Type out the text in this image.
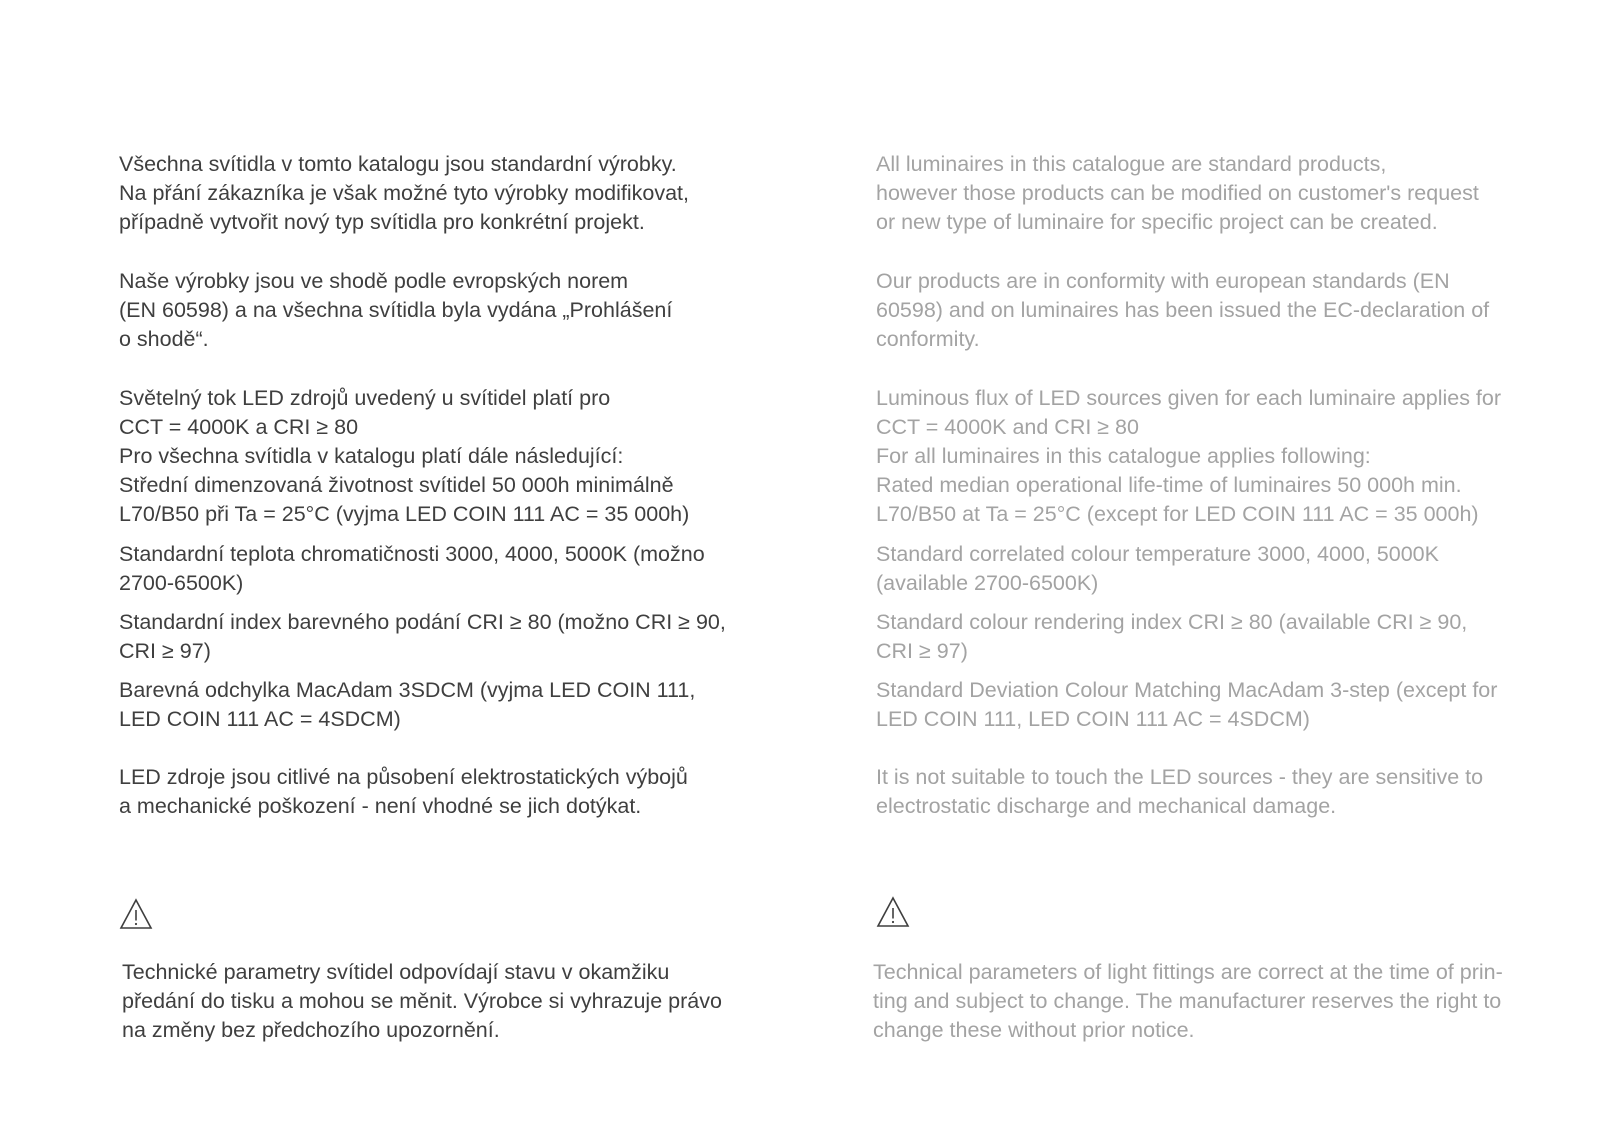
Všechna svítidla v tomto katalogu jsou standardní výrobky.
Na přání zákazníka je však možné tyto výrobky modifikovat,
případně vytvořit nový typ svítidla pro konkrétní projekt.

Naše výrobky jsou ve shodě podle evropských norem
(EN 60598) a na všechna svítidla byla vydána „Prohlášení
o shodě“.

Světelný tok LED zdrojů uvedený u svítidel platí pro
CCT = 4000K a CRI ≥ 80
Pro všechna svítidla v katalogu platí dále následující:
Střední dimenzovaná životnost svítidel 50 000h minimálně
L70/B50 při Ta = 25°C (vyjma LED COIN 111 AC = 35 000h)

Standardní teplota chromatičnosti 3000, 4000, 5000K (možno
2700-6500K)

Standardní index barevného podání CRI ≥ 80 (možno CRI ≥ 90,
CRI ≥ 97)

Barevná odchylka MacAdam 3SDCM (vyjma LED COIN 111,
LED COIN 111 AC = 4SDCM)

LED zdroje jsou citlivé na působení elektrostatických výbojů
a mechanické poškození - není vhodné se jich dotýkat.

Technické parametry svítidel odpovídají stavu v okamžiku
předání do tisku a mohou se měnit. Výrobce si vyhrazuje právo
na změny bez předchozího upozornění.

All luminaires in this catalogue are standard products,
however those products can be modified on customer's request
or new type of luminaire for specific project can be created.

Our products are in conformity with european standards (EN
60598) and on luminaires has been issued the EC-declaration of
conformity.

Luminous flux of LED sources given for each luminaire applies for
CCT = 4000K and CRI ≥ 80
For all luminaires in this catalogue applies following:
Rated median operational life-time of luminaires 50 000h min.
L70/B50 at Ta = 25°C (except for LED COIN 111 AC = 35 000h)

Standard correlated colour temperature 3000, 4000, 5000K
(available 2700-6500K)

Standard colour rendering index CRI ≥ 80 (available CRI ≥ 90,
CRI ≥ 97)

Standard Deviation Colour Matching MacAdam 3-step (except for
LED COIN 111, LED COIN 111 AC = 4SDCM)

It is not suitable to touch the LED sources - they are sensitive to
electrostatic discharge and mechanical damage.

Technical parameters of light fittings are correct at the time of prin-
ting and subject to change. The manufacturer reserves the right to
change these without prior notice.
